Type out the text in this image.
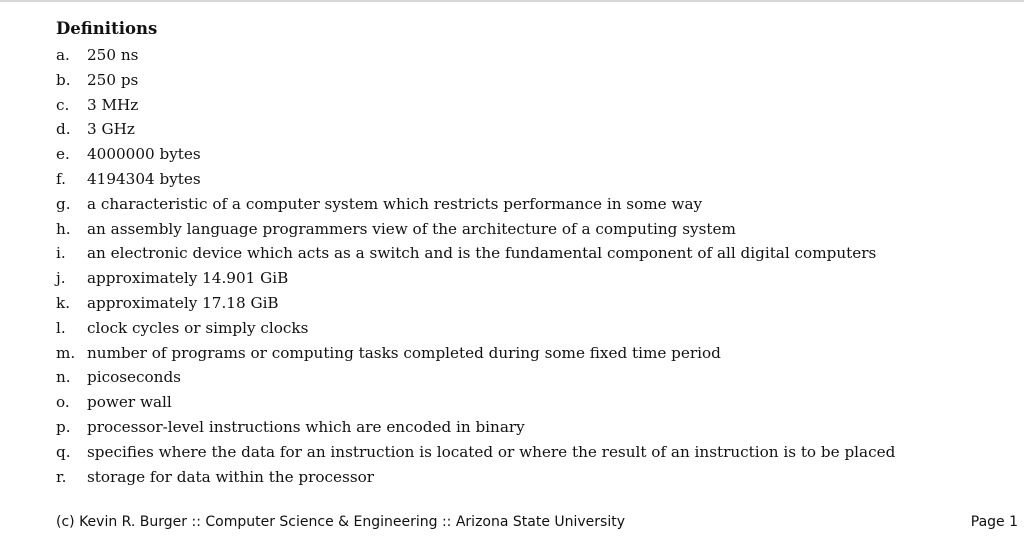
Definitions
a. 250 ns
b. 250 ps
c. 3 MHz
d. 3 GHz
e. 4000000 bytes
f. 4194304 bytes
g. a characteristic of a computer system which restricts performance in some way
h. an assembly language programmers view of the architecture of a computing system
i. an electronic device which acts as a switch and is the fundamental component of all digital computers
j. approximately 14.901 GiB
k. approximately 17.18 GiB
l. clock cycles or simply clocks
m. number of programs or computing tasks completed during some fixed time period
n. picoseconds
o. power wall
p. processor-level instructions which are encoded in binary
q. specifies where the data for an instruction is located or where the result of an instruction is to be placed
r. storage for data within the processor
(c) Kevin R. Burger :: Computer Science & Engineering :: Arizona State University	Page 1
